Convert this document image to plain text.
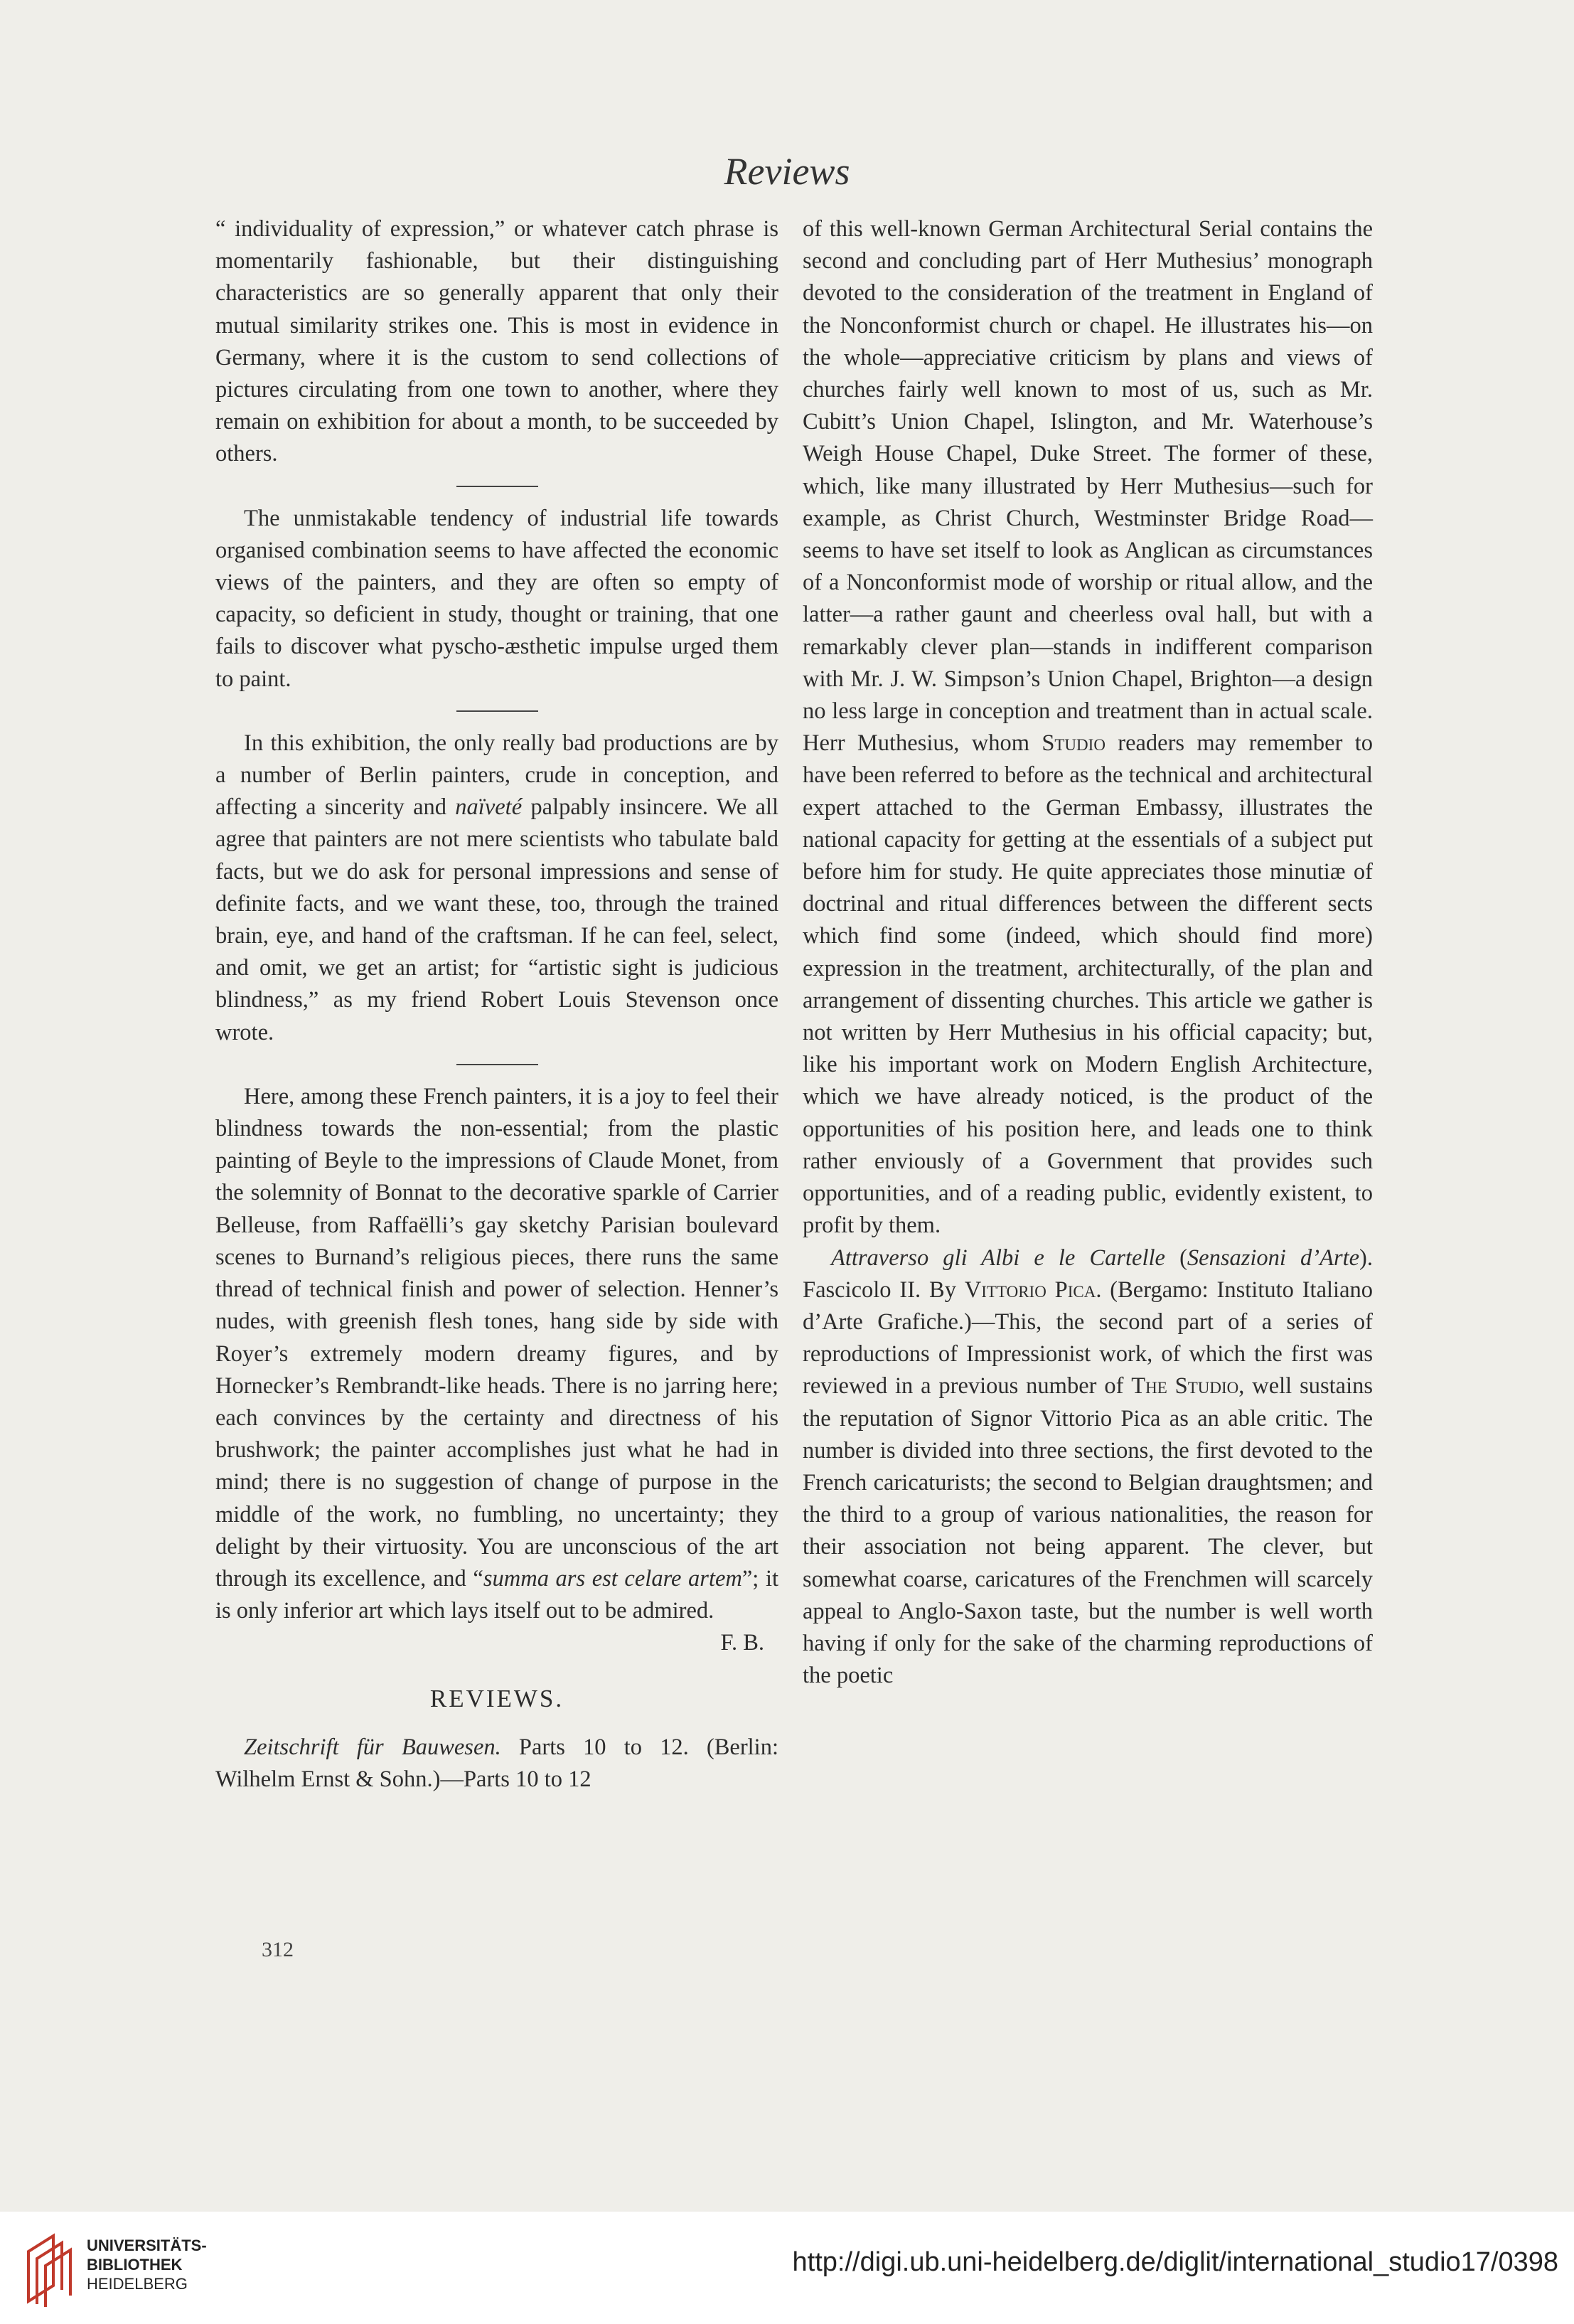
Reviews

“ individuality of expression,” or whatever catch phrase is momentarily fashionable, but their distinguishing characteristics are so generally apparent that only their mutual similarity strikes one. This is most in evidence in Germany, where it is the custom to send collections of pictures circulating from one town to another, where they remain on exhibition for about a month, to be succeeded by others.

The unmistakable tendency of industrial life towards organised combination seems to have affected the economic views of the painters, and they are often so empty of capacity, so deficient in study, thought or training, that one fails to discover what pyscho-æsthetic impulse urged them to paint.

In this exhibition, the only really bad productions are by a number of Berlin painters, crude in conception, and affecting a sincerity and naïveté palpably insincere. We all agree that painters are not mere scientists who tabulate bald facts, but we do ask for personal impressions and sense of definite facts, and we want these, too, through the trained brain, eye, and hand of the craftsman. If he can feel, select, and omit, we get an artist; for “artistic sight is judicious blindness,” as my friend Robert Louis Stevenson once wrote.

Here, among these French painters, it is a joy to feel their blindness towards the non-essential; from the plastic painting of Beyle to the impressions of Claude Monet, from the solemnity of Bonnat to the decorative sparkle of Carrier Belleuse, from Raffaëlli’s gay sketchy Parisian boulevard scenes to Burnand’s religious pieces, there runs the same thread of technical finish and power of selection. Henner’s nudes, with greenish flesh tones, hang side by side with Royer’s extremely modern dreamy figures, and by Hornecker’s Rembrandt-like heads. There is no jarring here; each convinces by the certainty and directness of his brushwork; the painter accomplishes just what he had in mind; there is no suggestion of change of purpose in the middle of the work, no fumbling, no uncertainty; they delight by their virtuosity. You are unconscious of the art through its excellence, and “summa ars est celare artem”; it is only inferior art which lays itself out to be admired.

F. B.

REVIEWS.

Zeitschrift für Bauwesen. Parts 10 to 12. (Berlin: Wilhelm Ernst & Sohn.)—Parts 10 to 12

of this well-known German Architectural Serial contains the second and concluding part of Herr Muthesius’ monograph devoted to the consideration of the treatment in England of the Nonconformist church or chapel. He illustrates his—on the whole—appreciative criticism by plans and views of churches fairly well known to most of us, such as Mr. Cubitt’s Union Chapel, Islington, and Mr. Waterhouse’s Weigh House Chapel, Duke Street. The former of these, which, like many illustrated by Herr Muthesius—such for example, as Christ Church, Westminster Bridge Road—seems to have set itself to look as Anglican as circumstances of a Nonconformist mode of worship or ritual allow, and the latter—a rather gaunt and cheerless oval hall, but with a remarkably clever plan—stands in indifferent comparison with Mr. J. W. Simpson’s Union Chapel, Brighton—a design no less large in conception and treatment than in actual scale. Herr Muthesius, whom Studio readers may remember to have been referred to before as the technical and architectural expert attached to the German Embassy, illustrates the national capacity for getting at the essentials of a subject put before him for study. He quite appreciates those minutiæ of doctrinal and ritual differences between the different sects which find some (indeed, which should find more) expression in the treatment, architecturally, of the plan and arrangement of dissenting churches. This article we gather is not written by Herr Muthesius in his official capacity; but, like his important work on Modern English Architecture, which we have already noticed, is the product of the opportunities of his position here, and leads one to think rather enviously of a Government that provides such opportunities, and of a reading public, evidently existent, to profit by them.

Attraverso gli Albi e le Cartelle (Sensazioni d’Arte). Fascicolo II. By Vittorio Pica. (Bergamo: Instituto Italiano d’Arte Grafiche.)—This, the second part of a series of reproductions of Impressionist work, of which the first was reviewed in a previous number of The Studio, well sustains the reputation of Signor Vittorio Pica as an able critic. The number is divided into three sections, the first devoted to the French caricaturists; the second to Belgian draughtsmen; and the third to a group of various nationalities, the reason for their association not being apparent. The clever, but somewhat coarse, caricatures of the Frenchmen will scarcely appeal to Anglo-Saxon taste, but the number is well worth having if only for the sake of the charming reproductions of the poetic

312
UNIVERSITÄTS-
BIBLIOTHEK
HEIDELBERG
http://digi.ub.uni-heidelberg.de/diglit/international_studio17/0398
